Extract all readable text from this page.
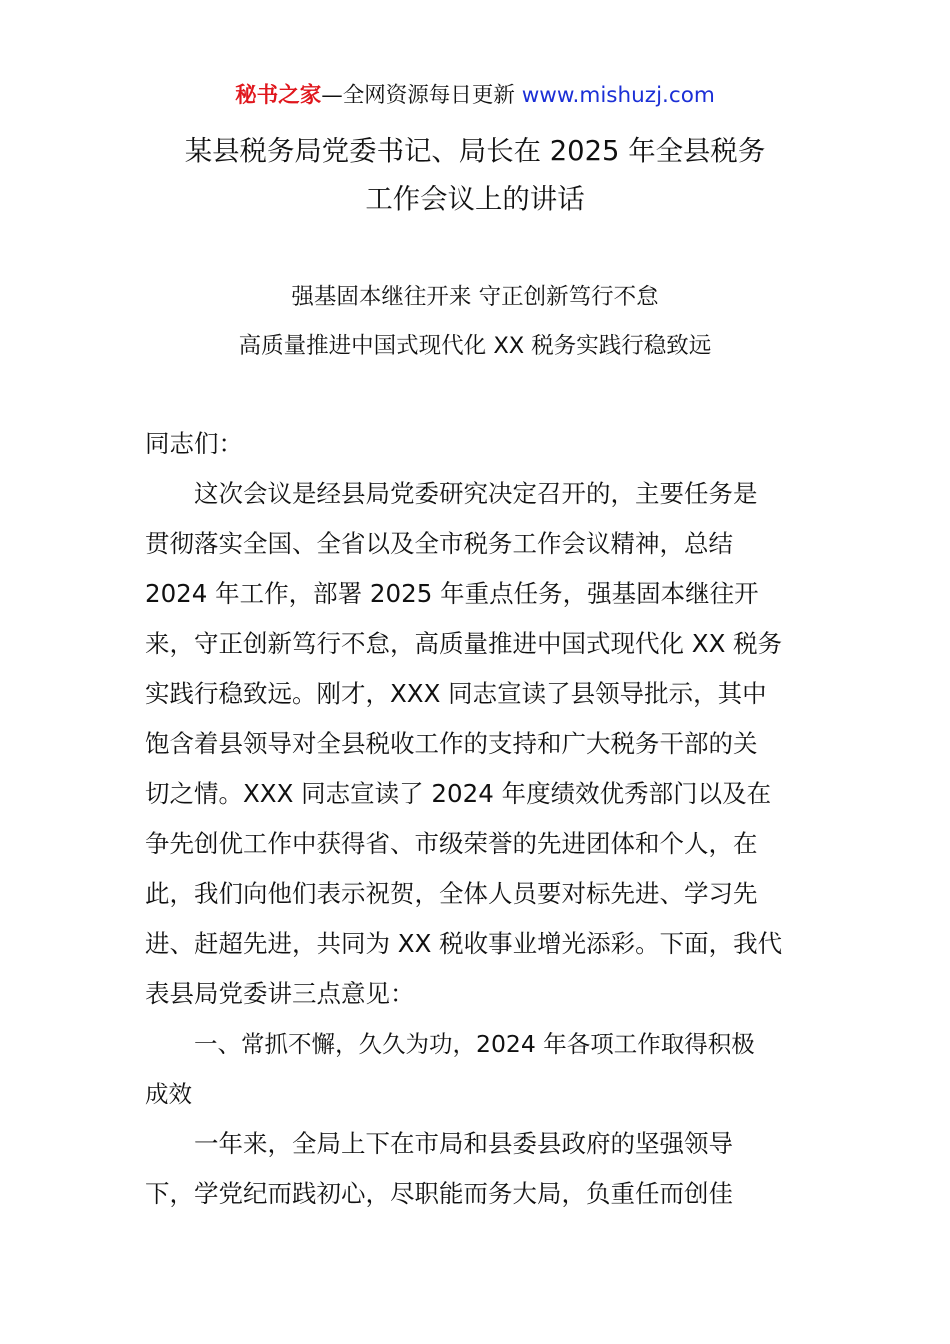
秘书之家—全网资源每日更新 www.mishuzj.com
某县税务局党委书记、局长在 2025 年全县税务
工作会议上的讲话
强基固本继往开来 守正创新笃行不怠
高质量推进中国式现代化 XX 税务实践行稳致远
同志们：
这次会议是经县局党委研究决定召开的，主要任务是
贯彻落实全国、全省以及全市税务工作会议精神，总结
2024 年工作，部署 2025 年重点任务，强基固本继往开
来，守正创新笃行不怠，高质量推进中国式现代化 XX 税务
实践行稳致远。刚才，XXX 同志宣读了县领导批示，其中
饱含着县领导对全县税收工作的支持和广大税务干部的关
切之情。XXX 同志宣读了 2024 年度绩效优秀部门以及在
争先创优工作中获得省、市级荣誉的先进团体和个人，在
此，我们向他们表示祝贺，全体人员要对标先进、学习先
进、赶超先进，共同为 XX 税收事业增光添彩。下面，我代
表县局党委讲三点意见：
一、常抓不懈，久久为功，2024 年各项工作取得积极
成效
一年来，全局上下在市局和县委县政府的坚强领导
下，学党纪而践初心，尽职能而务大局，负重任而创佳
